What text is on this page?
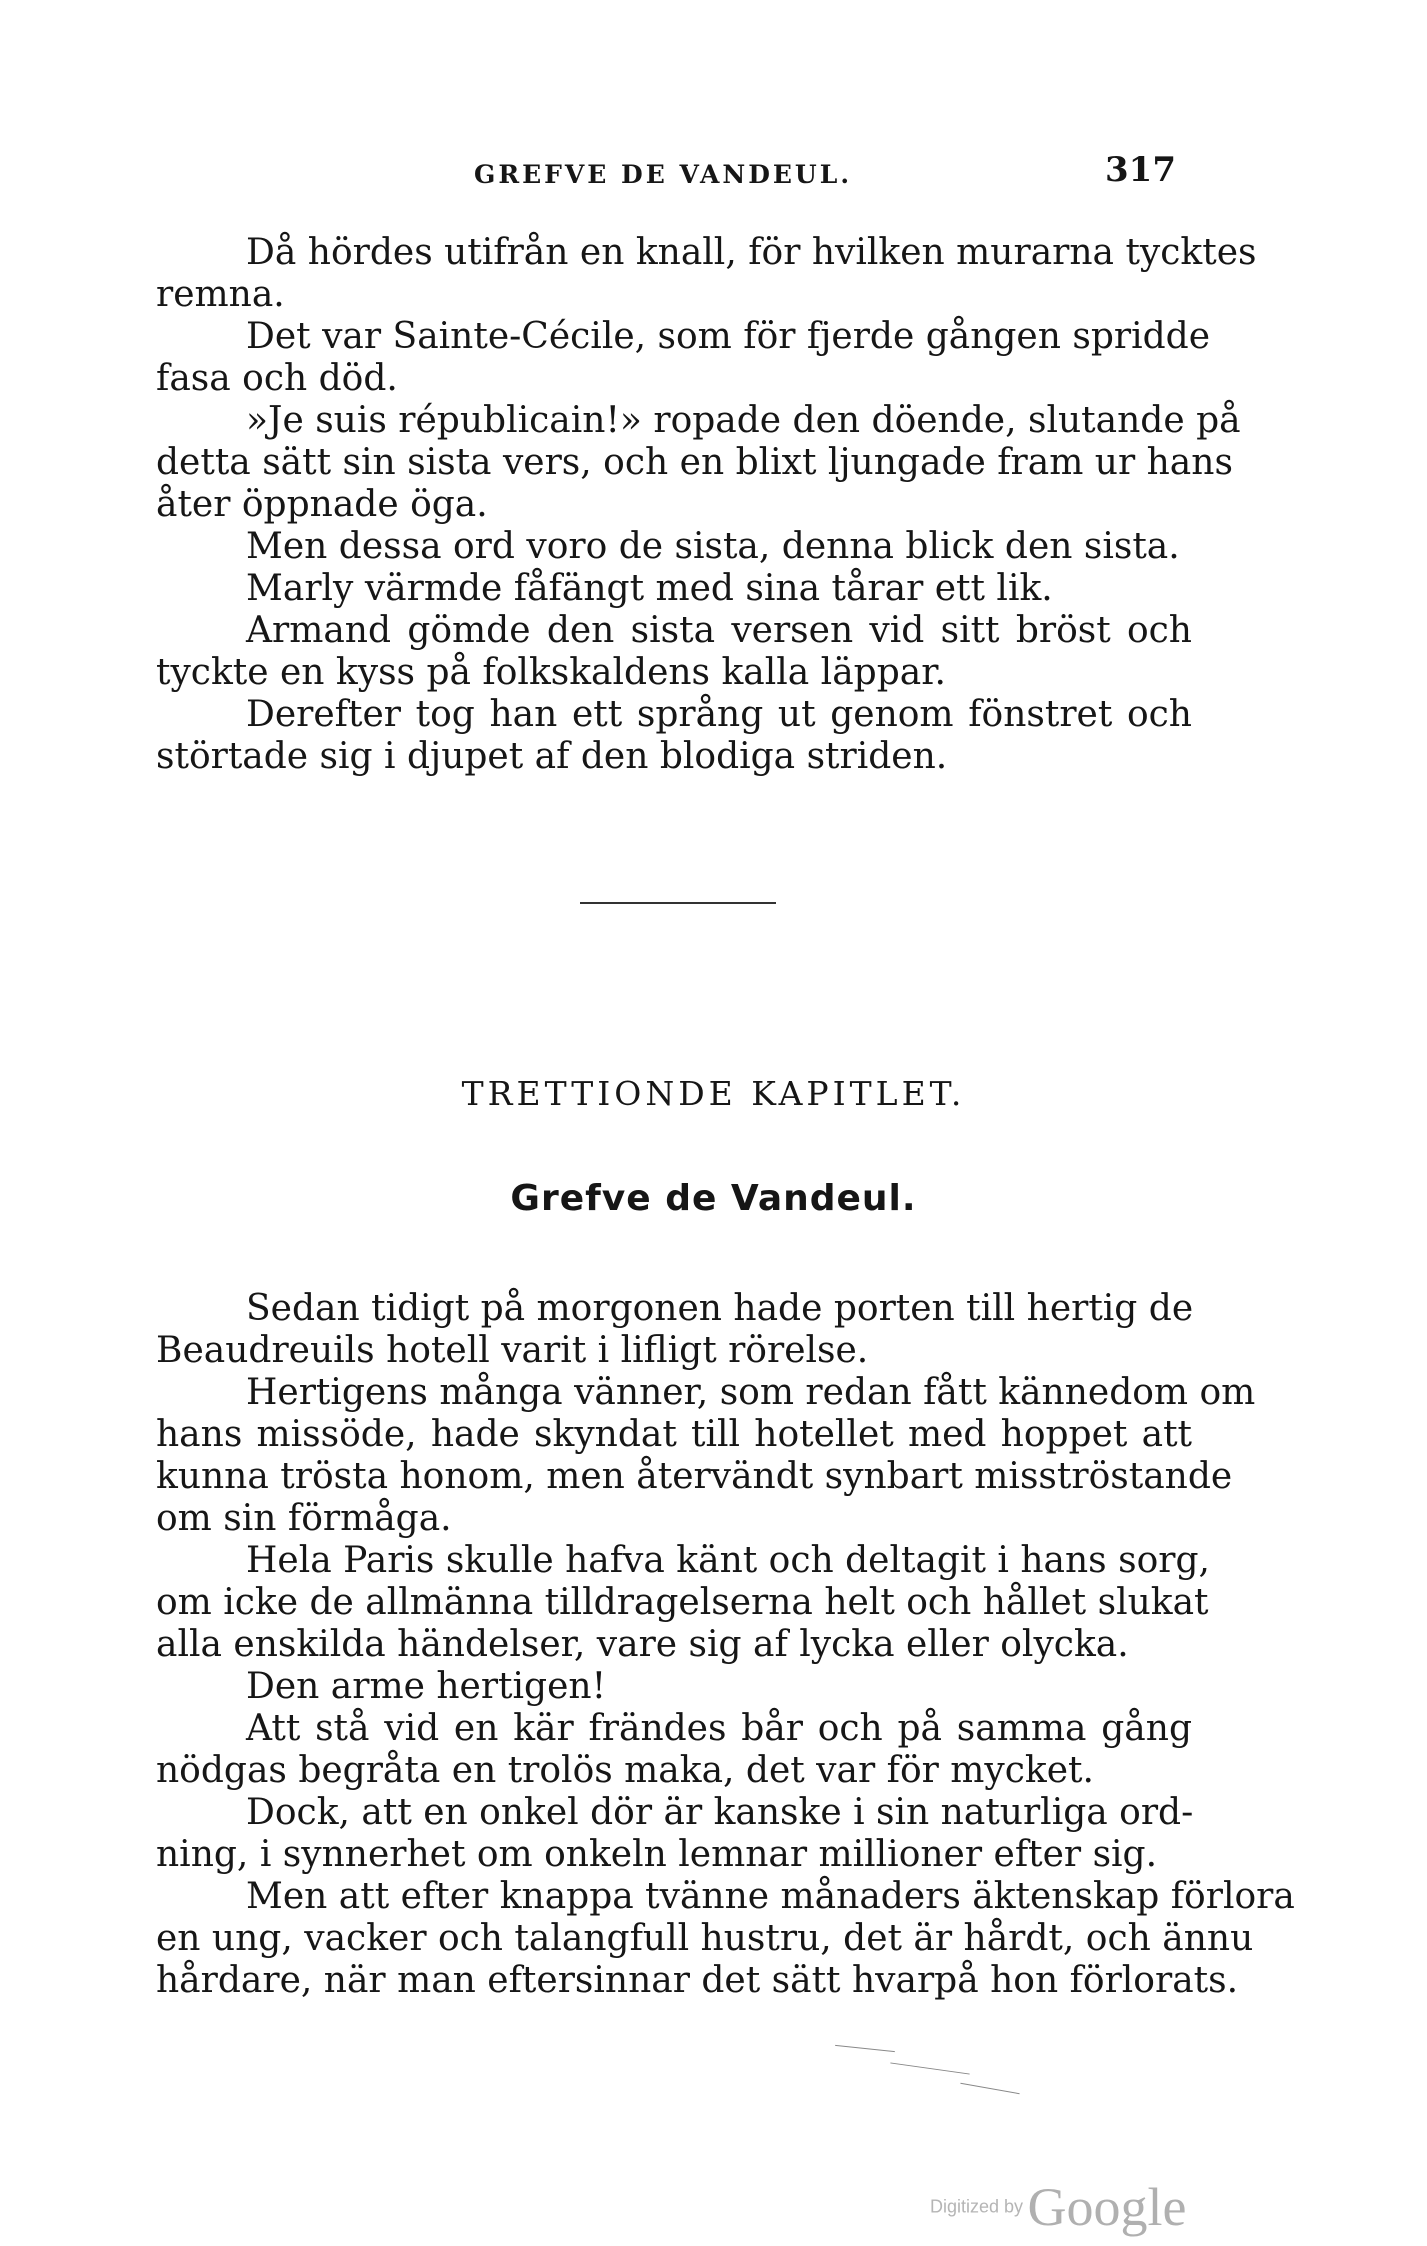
GREFVE DE VANDEUL.	317
Då hördes utifrån en knall, för hvilken murarna tycktes
remna.
Det var Sainte-Cécile, som för fjerde gången spridde
fasa och död.
»Je suis républicain!» ropade den döende, slutande på
detta sätt sin sista vers, och en blixt ljungade fram ur hans
åter öppnade öga.
Men dessa ord voro de sista, denna blick den sista.
Marly värmde fåfängt med sina tårar ett lik.
Armand gömde den sista versen vid sitt bröst och
tyckte en kyss på folkskaldens kalla läppar.
Derefter tog han ett språng ut genom fönstret och
störtade sig i djupet af den blodiga striden.
TRETTIONDE KAPITLET.
Grefve de Vandeul.
Sedan tidigt på morgonen hade porten till hertig de
Beaudreuils hotell varit i lifligt rörelse.
Hertigens många vänner, som redan fått kännedom om
hans missöde, hade skyndat till hotellet med hoppet att
kunna trösta honom, men återvändt synbart misströstande
om sin förmåga.
Hela Paris skulle hafva känt och deltagit i hans sorg,
om icke de allmänna tilldragelserna helt och hållet slukat
alla enskilda händelser, vare sig af lycka eller olycka.
Den arme hertigen!
Att stå vid en kär frändes bår och på samma gång
nödgas begråta en trolös maka, det var för mycket.
Dock, att en onkel dör är kanske i sin naturliga ord-
ning, i synnerhet om onkeln lemnar millioner efter sig.
Men att efter knappa tvänne månaders äktenskap förlora
en ung, vacker och talangfull hustru, det är hårdt, och ännu
hårdare, när man eftersinnar det sätt hvarpå hon förlorats.
Digitized by Google
